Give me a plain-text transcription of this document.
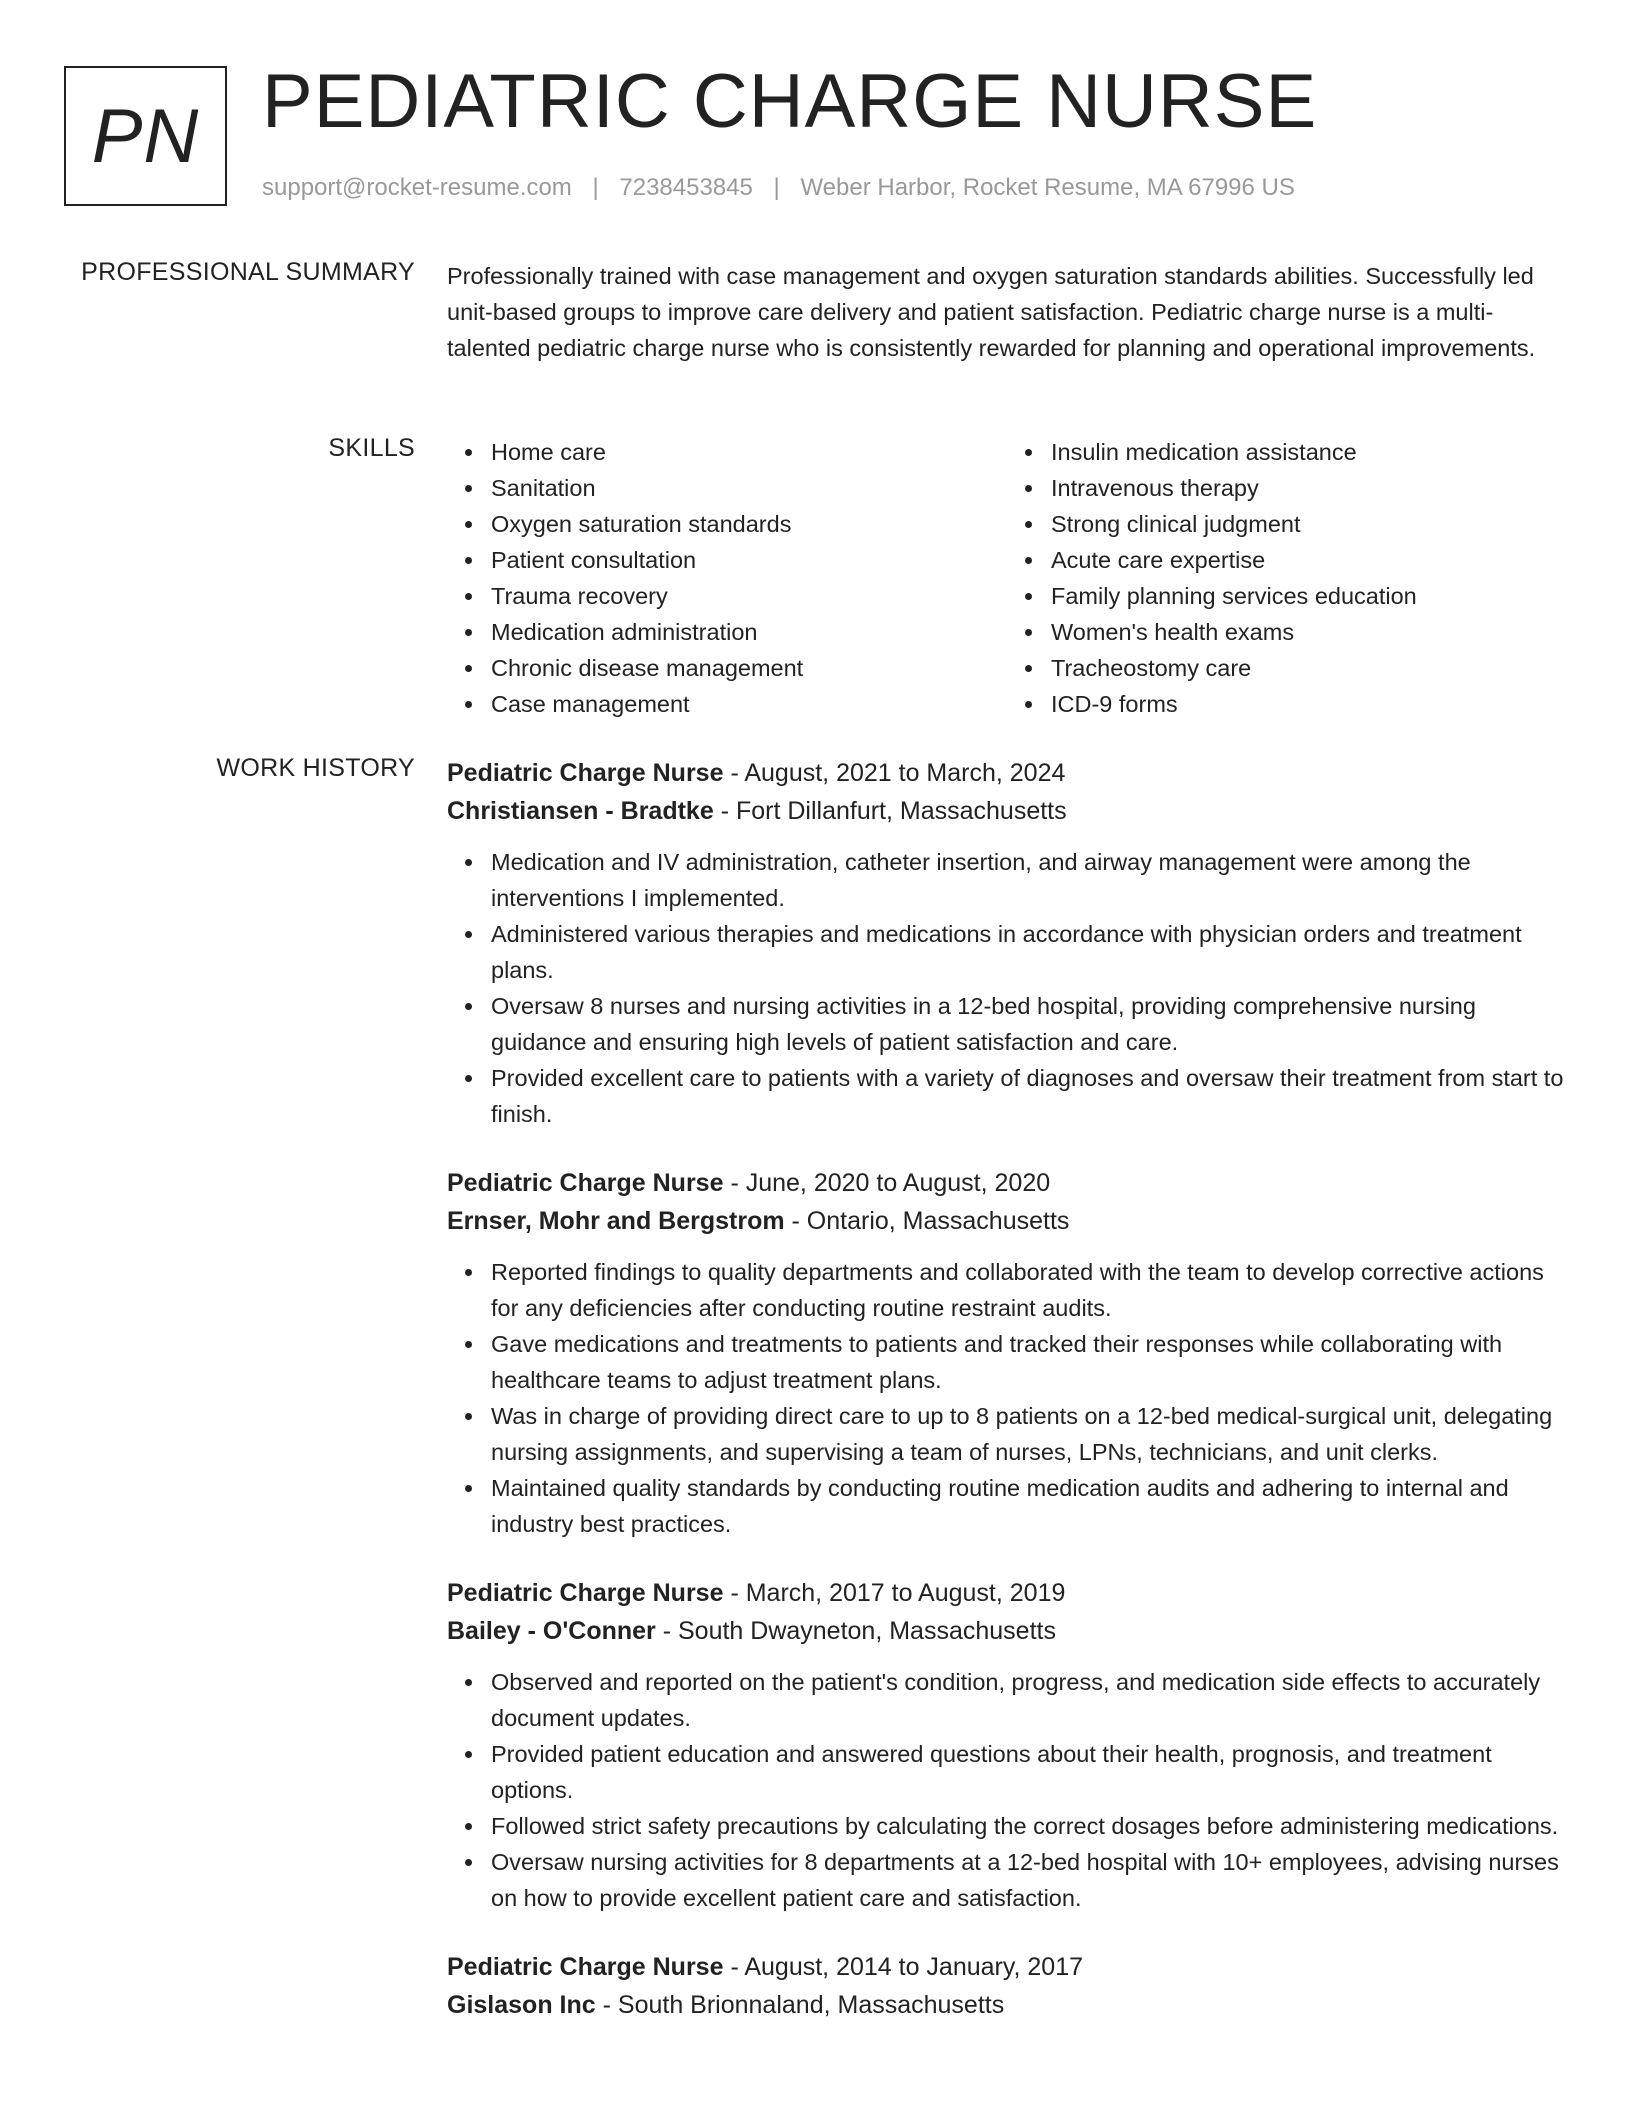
PN PEDIATRIC CHARGE NURSE
support@rocket-resume.com | 7238453845 | Weber Harbor, Rocket Resume, MA 67996 US
PROFESSIONAL SUMMARY Professionally trained with case management and oxygen saturation standards abilities. Successfully led unit-based groups to improve care delivery and patient satisfaction. Pediatric charge nurse is a multi-talented pediatric charge nurse who is consistently rewarded for planning and operational improvements.

SKILLS	Home care
Sanitation
Oxygen saturation standards
Patient consultation
Trauma recovery
Medication administration
Chronic disease management
Case management
Insulin medication assistance
Intravenous therapy
Strong clinical judgment
Acute care expertise
Family planning services education
Women's health exams
Tracheostomy care
ICD-9 forms
WORK HISTORY Pediatric Charge Nurse - August, 2021 to March, 2024
Christiansen - Bradtke - Fort Dillanfurt, Massachusetts
Medication and IV administration, catheter insertion, and airway management were among the interventions I implemented.
Administered various therapies and medications in accordance with physician orders and treatment plans.
Oversaw 8 nurses and nursing activities in a 12-bed hospital, providing comprehensive nursing guidance and ensuring high levels of patient satisfaction and care.
Provided excellent care to patients with a variety of diagnoses and oversaw their treatment from start to finish.
Pediatric Charge Nurse - June, 2020 to August, 2020
Ernser, Mohr and Bergstrom - Ontario, Massachusetts
Reported findings to quality departments and collaborated with the team to develop corrective actions for any deficiencies after conducting routine restraint audits.
Gave medications and treatments to patients and tracked their responses while collaborating with healthcare teams to adjust treatment plans.
Was in charge of providing direct care to up to 8 patients on a 12-bed medical-surgical unit, delegating nursing assignments, and supervising a team of nurses, LPNs, technicians, and unit clerks.
Maintained quality standards by conducting routine medication audits and adhering to internal and industry best practices.
Pediatric Charge Nurse - March, 2017 to August, 2019
Bailey - O'Conner - South Dwayneton, Massachusetts
Observed and reported on the patient's condition, progress, and medication side effects to accurately document updates.
Provided patient education and answered questions about their health, prognosis, and treatment options.
Followed strict safety precautions by calculating the correct dosages before administering medications.
Oversaw nursing activities for 8 departments at a 12-bed hospital with 10+ employees, advising nurses on how to provide excellent patient care and satisfaction.
Pediatric Charge Nurse - August, 2014 to January, 2017
Gislason Inc - South Brionnaland, Massachusetts
